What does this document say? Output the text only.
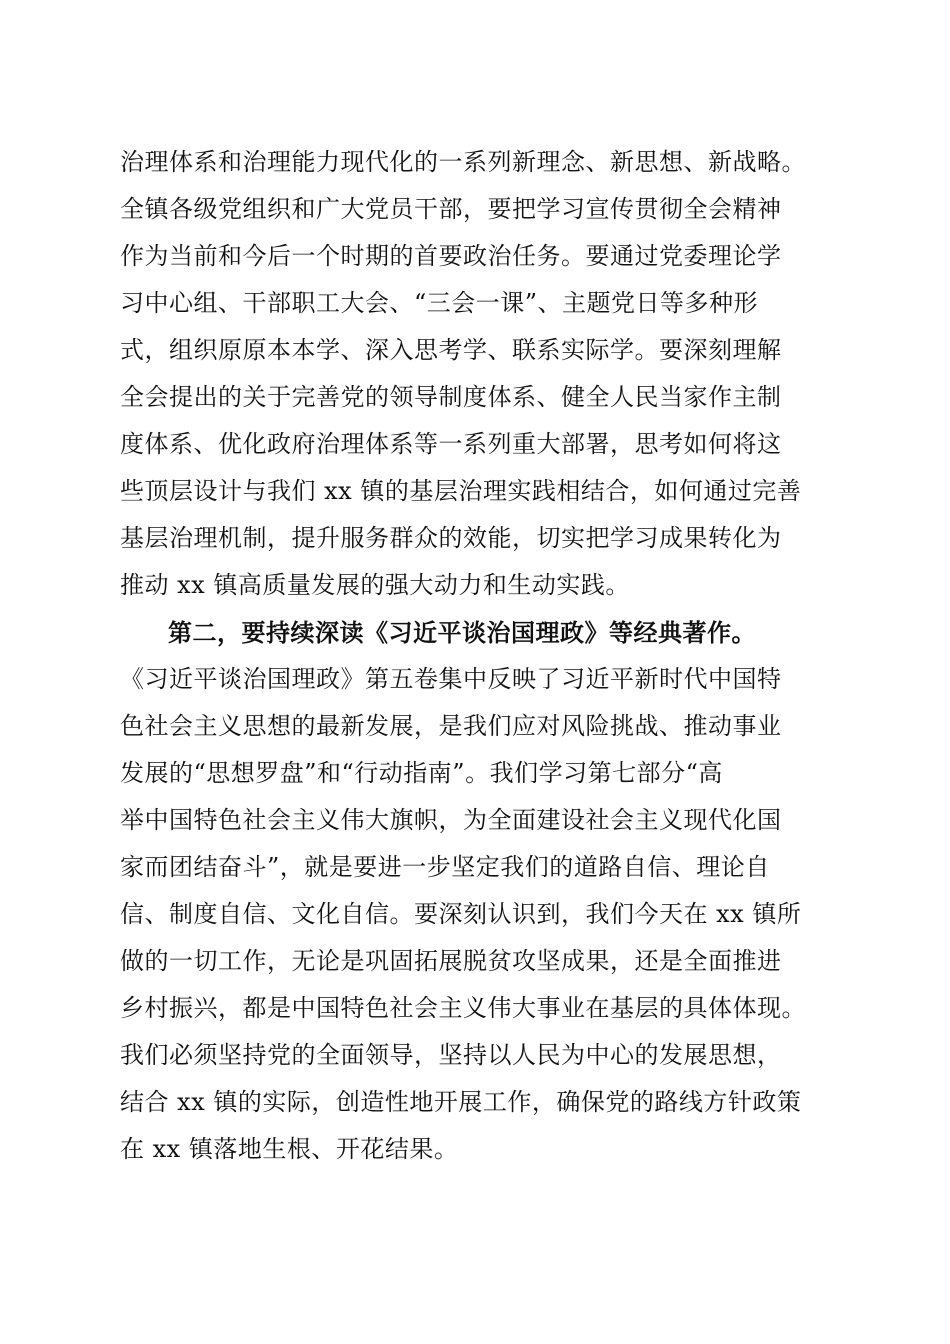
治理体系和治理能力现代化的一系列新理念、新思想、新战略。
全镇各级党组织和广大党员干部，要把学习宣传贯彻全会精神
作为当前和今后一个时期的首要政治任务。要通过党委理论学
习中心组、干部职工大会、“三会一课”、主题党日等多种形
式，组织原原本本学、深入思考学、联系实际学。要深刻理解
全会提出的关于完善党的领导制度体系、健全人民当家作主制
度体系、优化政府治理体系等一系列重大部署，思考如何将这
些顶层设计与我们 xx 镇的基层治理实践相结合，如何通过完善
基层治理机制，提升服务群众的效能，切实把学习成果转化为
推动 xx 镇高质量发展的强大动力和生动实践。
第二，要持续深读《习近平谈治国理政》等经典著作。
《习近平谈治国理政》第五卷集中反映了习近平新时代中国特
色社会主义思想的最新发展，是我们应对风险挑战、推动事业
发展的“思想罗盘”和“行动指南”。我们学习第七部分“高
举中国特色社会主义伟大旗帜，为全面建设社会主义现代化国
家而团结奋斗”，就是要进一步坚定我们的道路自信、理论自
信、制度自信、文化自信。要深刻认识到，我们今天在 xx 镇所
做的一切工作，无论是巩固拓展脱贫攻坚成果，还是全面推进
乡村振兴，都是中国特色社会主义伟大事业在基层的具体体现。
我们必须坚持党的全面领导，坚持以人民为中心的发展思想，
结合 xx 镇的实际，创造性地开展工作，确保党的路线方针政策
在 xx 镇落地生根、开花结果。
